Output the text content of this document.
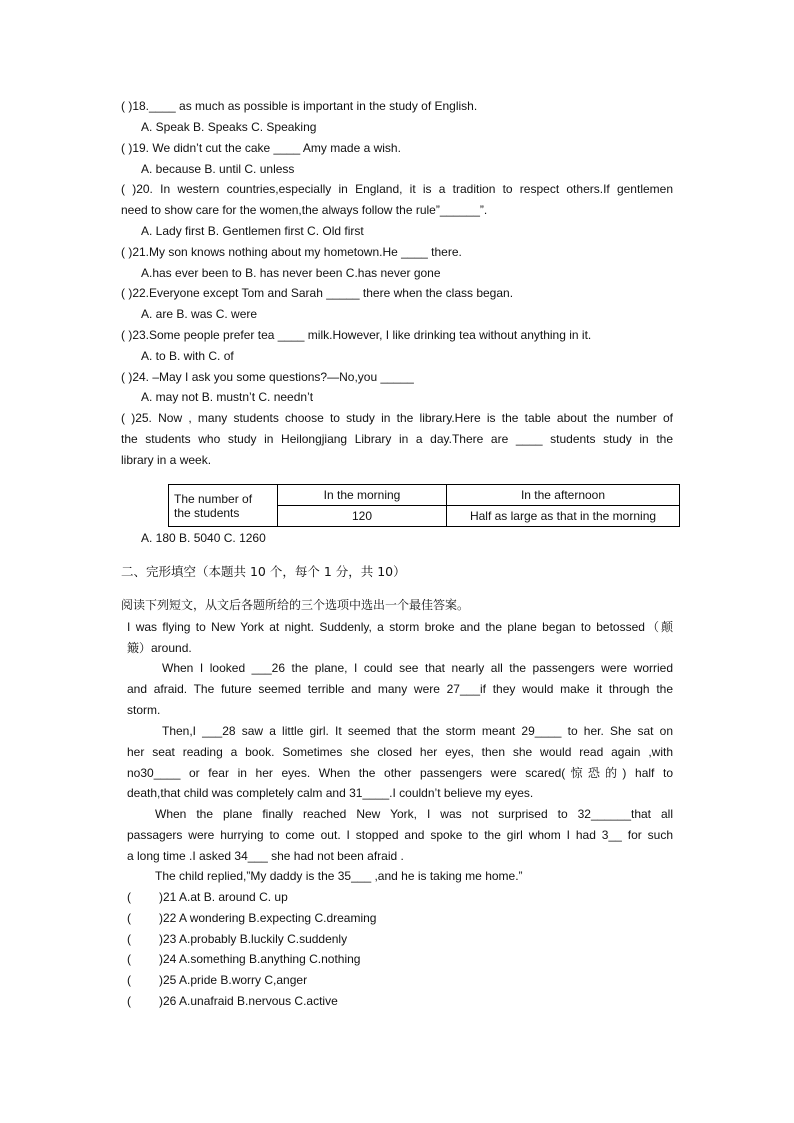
( )18.____ as much as possible is important in the study of English.
A. Speak B. Speaks C. Speaking
( )19. We didn’t cut the cake ____ Amy made a wish.
A. because B. until C. unless
( )20. In western countries,especially in England, it is a tradition to respect others.If gentlemen
need to show care for the women,the always follow the rule”______”.
A. Lady first B. Gentlemen first C. Old first
( )21.My son knows nothing about my hometown.He ____ there.
A.has ever been to B. has never been C.has never gone
( )22.Everyone except Tom and Sarah _____ there when the class began.
A. are B. was C. were
( )23.Some people prefer tea ____ milk.However, I like drinking tea without anything in it.
A. to B. with C. of
( )24. –May I ask you some questions?—No,you _____
A. may not B. mustn’t C. needn’t
( )25. Now , many students choose to study in the library.Here is the table about the number of
the students who study in Heilongjiang Library in a day.There are ____ students study in the
library in a week.
The number of
the students	In the morning	In the afternoon
	120	Half as large as that in the morning
A. 180 B. 5040 C. 1260
二、完形填空（本题共 10 个，每个 1 分，共 10）
阅读下列短文，从文后各题所给的三个选项中选出一个最佳答案。
I was flying to New York at night. Suddenly, a storm broke and the plane began to betossed（颠
簸）around.
When I looked ___26 the plane, I could see that nearly all the passengers were worried
and afraid. The future seemed terrible and many were 27___if they would make it through the
storm.
Then,I ___28 saw a little girl. It seemed that the storm meant 29____ to her. She sat on
her seat reading a book. Sometimes she closed her eyes, then she would read again ,with
no30____ or fear in her eyes. When the other passengers were scared(惊恐的) half to
death,that child was completely calm and 31____.I couldn’t believe my eyes.
When the plane finally reached New York, I was not surprised to 32______that all
passagers were hurrying to come out. I stopped and spoke to the girl whom I had 3__ for such
a long time .I asked 34___ she had not been afraid .
The child replied,”My daddy is the 35___ ,and he is taking me home.”
( )21 A.at B. around C. up
( )22 A wondering B.expecting C.dreaming
( )23 A.probably B.luckily C.suddenly
( )24 A.something B.anything C.nothing
( )25 A.pride B.worry C,anger
( )26 A.unafraid B.nervous C.active
